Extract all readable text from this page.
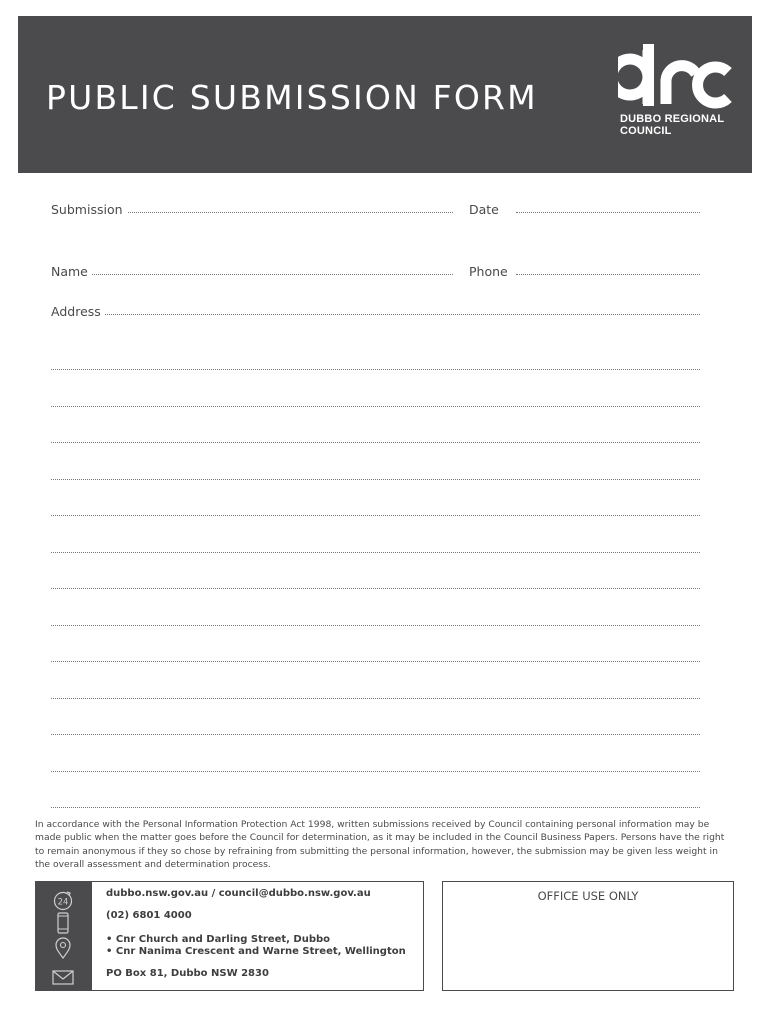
PUBLIC SUBMISSION FORM
DUBBO REGIONAL
COUNCIL
Submission	Date
Name	Phone
Address
In accordance with the Personal Information Protection Act 1998, written submissions received by Council containing personal information may be made public when the matter goes before the Council for determination, as it may be included in the Council Business Papers. Persons have the right to remain anonymous if they so chose by refraining from submitting the personal information, however, the submission may be given less weight in the overall assessment and determination process.
24
dubbo.nsw.gov.au / council@dubbo.nsw.gov.au
(02) 6801 4000
• Cnr Church and Darling Street, Dubbo
• Cnr Nanima Crescent and Warne Street, Wellington
PO Box 81, Dubbo NSW 2830
OFFICE USE ONLY
